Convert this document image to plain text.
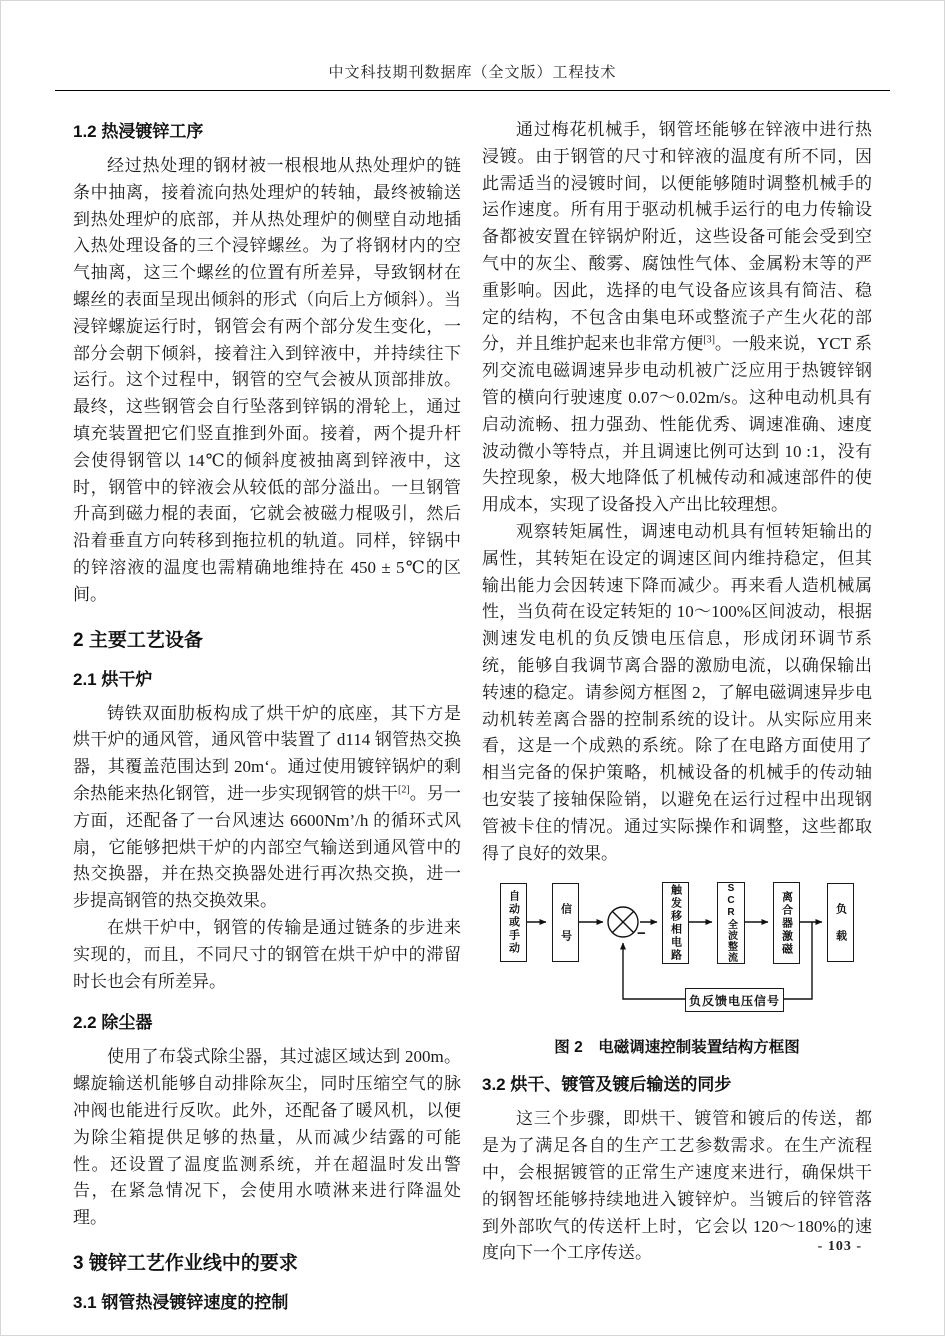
中文科技期刊数据库（全文版）工程技术
1.2 热浸镀锌工序

经过热处理的钢材被一根根地从热处理炉的链条中抽离，接着流向热处理炉的转轴，最终被输送到热处理炉的底部，并从热处理炉的侧壁自动地插入热处理设备的三个浸锌螺丝。为了将钢材内的空气抽离，这三个螺丝的位置有所差异，导致钢材在螺丝的表面呈现出倾斜的形式（向后上方倾斜）。当浸锌螺旋运行时，钢管会有两个部分发生变化，一部分会朝下倾斜，接着注入到锌液中，并持续往下运行。这个过程中，钢管的空气会被从顶部排放。最终，这些钢管会自行坠落到锌锅的滑轮上，通过填充装置把它们竖直推到外面。接着，两个提升杆会使得钢管以 14℃的倾斜度被抽离到锌液中，这时，钢管中的锌液会从较低的部分溢出。一旦钢管升高到磁力棍的表面，它就会被磁力棍吸引，然后沿着垂直方向转移到拖拉机的轨道。同样，锌锅中的锌溶液的温度也需精确地维持在 450 ± 5℃的区间。

2 主要工艺设备
2.1 烘干炉

铸铁双面肋板构成了烘干炉的底座，其下方是烘干炉的通风管，通风管中装置了 d114 钢管热交换器，其覆盖范围达到 20m‘。通过使用镀锌锅炉的剩余热能来热化钢管，进一步实现钢管的烘干[2]。另一方面，还配备了一台风速达 6600Nm’/h 的循环式风扇，它能够把烘干炉的内部空气输送到通风管中的热交换器，并在热交换器处进行再次热交换，进一步提高钢管的热交换效果。

在烘干炉中，钢管的传输是通过链条的步进来实现的，而且，不同尺寸的钢管在烘干炉中的滞留时长也会有所差异。

2.2 除尘器

使用了布袋式除尘器，其过滤区域达到 200m。螺旋输送机能够自动排除灰尘，同时压缩空气的脉冲阀也能进行反吹。此外，还配备了暖风机，以便为除尘箱提供足够的热量，从而减少结露的可能性。还设置了温度监测系统，并在超温时发出警告，在紧急情况下，会使用水喷淋来进行降温处理。

3 镀锌工艺作业线中的要求
3.1 钢管热浸镀锌速度的控制

通过梅花机械手，钢管坯能够在锌液中进行热浸镀。由于钢管的尺寸和锌液的温度有所不同，因此需适当的浸镀时间，以便能够随时调整机械手的运作速度。所有用于驱动机械手运行的电力传输设备都被安置在锌锅炉附近，这些设备可能会受到空气中的灰尘、酸雾、腐蚀性气体、金属粉末等的严重影响。因此，选择的电气设备应该具有简洁、稳定的结构，不包含由集电环或整流子产生火花的部分，并且维护起来也非常方便[3]。一般来说，YCT 系列交流电磁调速异步电动机被广泛应用于热镀锌钢管的横向行驶速度 0.07～0.02m/s。这种电动机具有启动流畅、扭力强劲、性能优秀、调速准确、速度波动微小等特点，并且调速比例可达到 10 :1，没有失控现象，极大地降低了机械传动和减速部件的使用成本，实现了设备投入产出比较理想。

观察转矩属性，调速电动机具有恒转矩输出的属性，其转矩在设定的调速区间内维持稳定，但其输出能力会因转速下降而减少。再来看人造机械属性，当负荷在设定转矩的 10～100%区间波动，根据测速发电机的负反馈电压信息，形成闭环调节系统，能够自我调节离合器的激励电流，以确保输出转速的稳定。请参阅方框图 2，了解电磁调速异步电动机转差离合器的控制系统的设计。从实际应用来看，这是一个成熟的系统。除了在电路方面使用了相当完备的保护策略，机械设备的机械手的传动轴也安装了接轴保险销，以避免在运行过程中出现钢管被卡住的情况。通过实际操作和调整，这些都取得了良好的效果。

自动或手动	信 号	触发移相电路	SCR全波整流	离合器激磁	负 载
负反馈电压信号
−
图 2　电磁调速控制装置结构方框图
3.2 烘干、镀管及镀后输送的同步

这三个步骤，即烘干、镀管和镀后的传送，都是为了满足各自的生产工艺参数需求。在生产流程中，会根据镀管的正常生产速度来进行，确保烘干的钢智坯能够持续地进入镀锌炉。当镀后的锌管落到外部吹气的传送杆上时，它会以 120～180%的速度向下一个工序传送。	- 103 -
